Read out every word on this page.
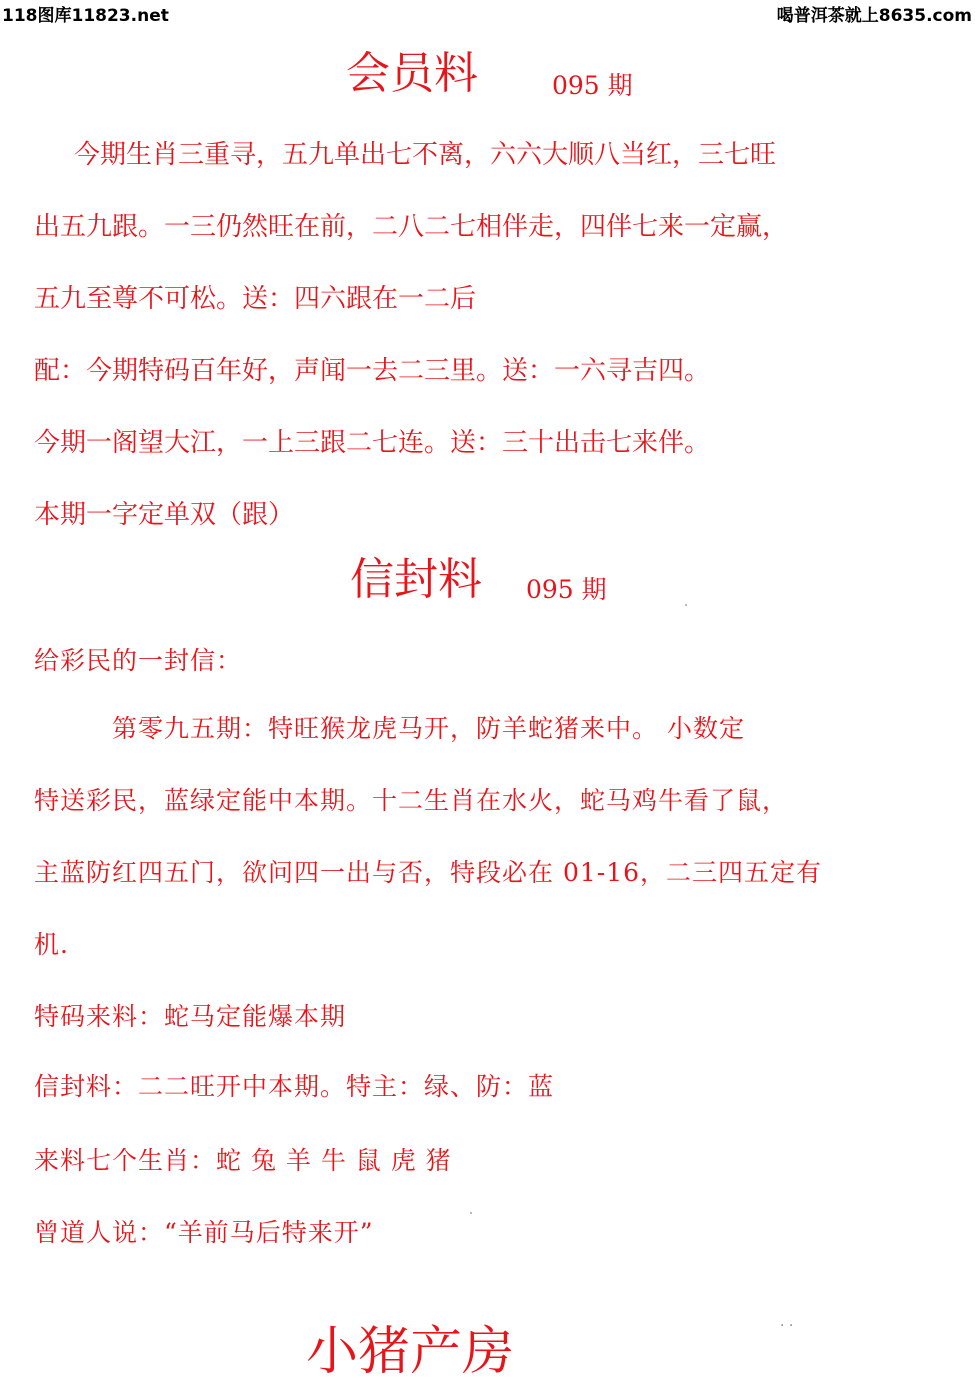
118图库11823.net	喝普洱茶就上8635.com
会员料	095 期
今期生肖三重寻，五九单出七不离，六六大顺八当红，三七旺
出五九跟。一三仍然旺在前，二八二七相伴走，四伴七来一定赢，
五九至尊不可松。送：四六跟在一二后
配：今期特码百年好，声闻一去二三里。送：一六寻吉四。
今期一阁望大江，一上三跟二七连。送：三十出击七来伴。
本期一字定单双（跟）
信封料 095 期
给彩民的一封信：
第零九五期：特旺猴龙虎马开，防羊蛇猪来中。 小数定
特送彩民，蓝绿定能中本期。十二生肖在水火，蛇马鸡牛看了鼠，
主蓝防红四五门，欲问四一出与否，特段必在 01-16，二三四五定有
机.
特码来料：蛇马定能爆本期
信封料：二二旺开中本期。特主：绿、防：蓝
来料七个生肖：蛇 兔 羊 牛 鼠 虎 猪
曾道人说：“羊前马后特来开”
· ·
小猪产房
